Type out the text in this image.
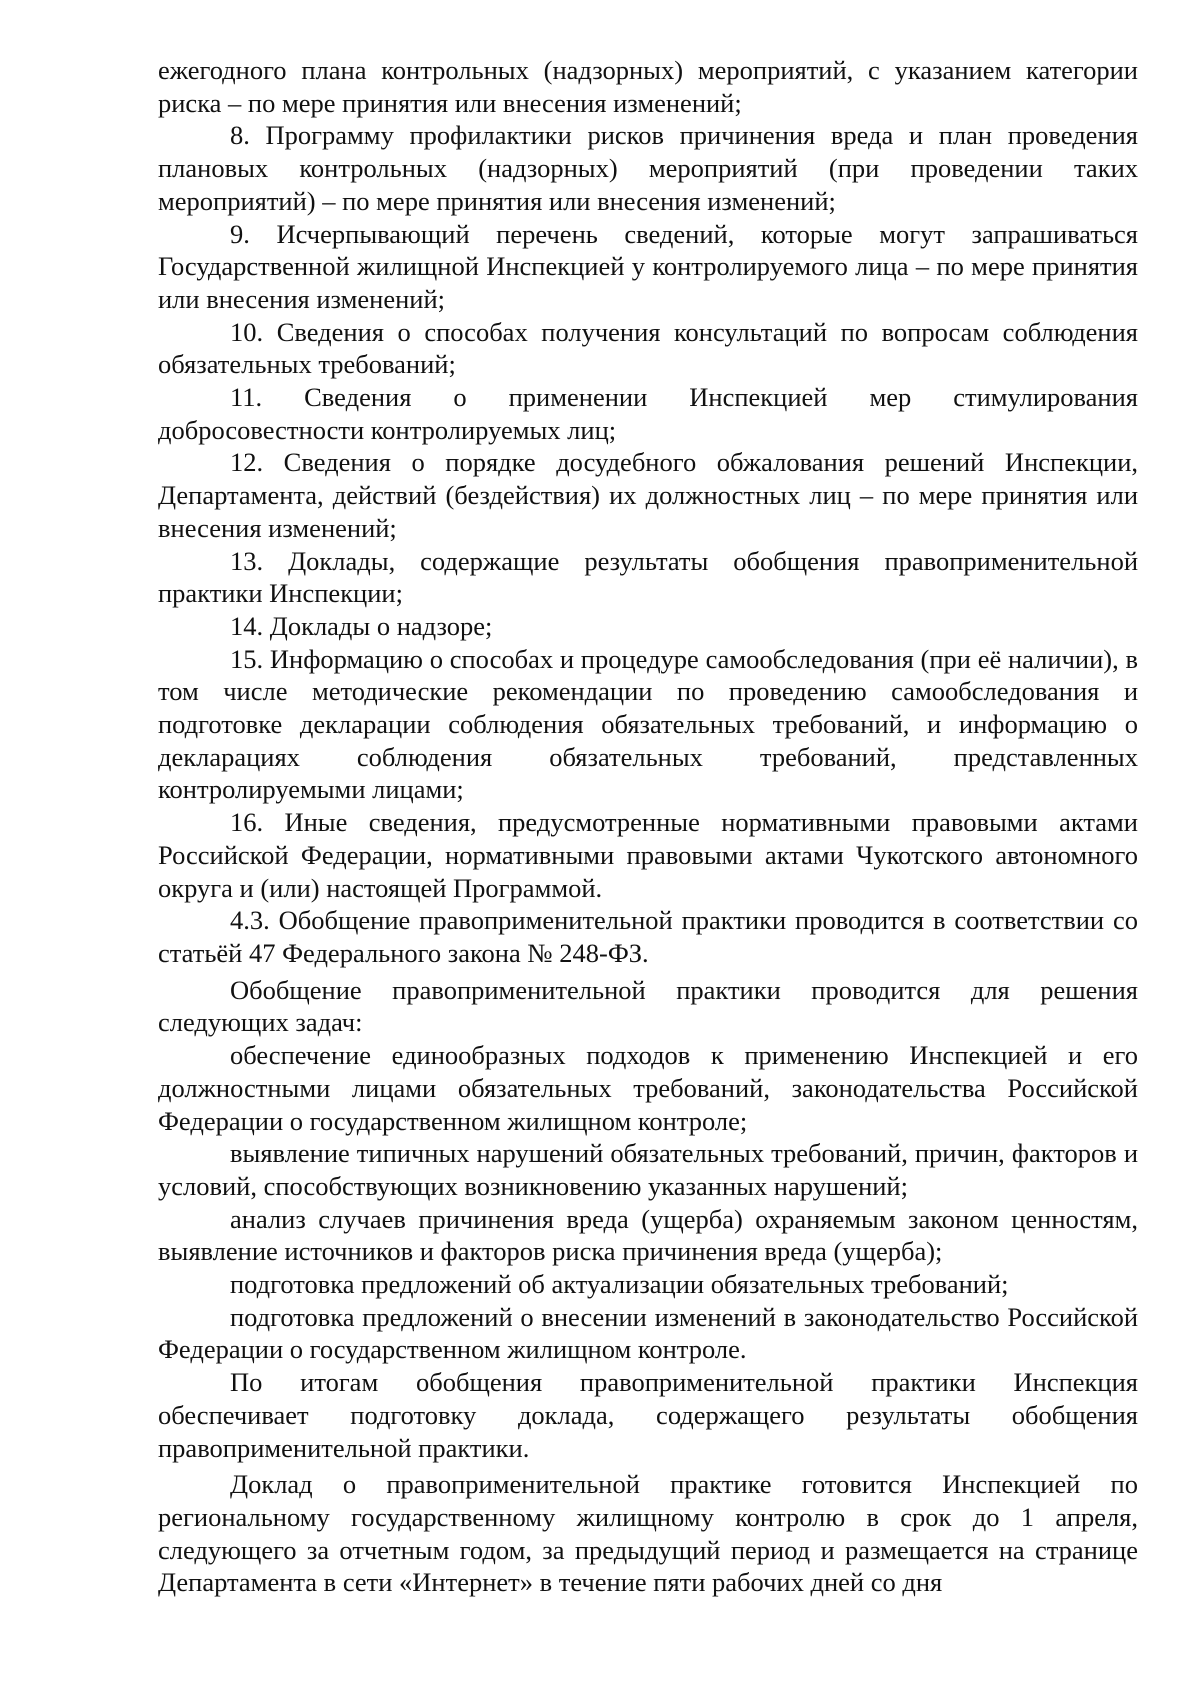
ежегодного плана контрольных (надзорных) мероприятий, с указанием категории риска – по мере принятия или внесения изменений;

8. Программу профилактики рисков причинения вреда и план проведения плановых контрольных (надзорных) мероприятий (при проведении таких мероприятий) – по мере принятия или внесения изменений;

9. Исчерпывающий перечень сведений, которые могут запрашиваться Государственной жилищной Инспекцией у контролируемого лица – по мере принятия или внесения изменений;

10. Сведения о способах получения консультаций по вопросам соблюдения обязательных требований;

11. Сведения о применении Инспекцией мер стимулирования добросовестности контролируемых лиц;

12. Сведения о порядке досудебного обжалования решений Инспекции, Департамента, действий (бездействия) их должностных лиц – по мере принятия или внесения изменений;

13. Доклады, содержащие результаты обобщения правоприменительной практики Инспекции;

14. Доклады о надзоре;

15. Информацию о способах и процедуре самообследования (при её наличии), в том числе методические рекомендации по проведению самообследования и подготовке декларации соблюдения обязательных требований, и информацию о декларациях соблюдения обязательных требований, представленных контролируемыми лицами;

16. Иные сведения, предусмотренные нормативными правовыми актами Российской Федерации, нормативными правовыми актами Чукотского автономного округа и (или) настоящей Программой.

4.3. Обобщение правоприменительной практики проводится в соответствии со статьёй 47 Федерального закона № 248-ФЗ.

Обобщение правоприменительной практики проводится для решения следующих задач:

обеспечение единообразных подходов к применению Инспекцией и его должностными лицами обязательных требований, законодательства Российской Федерации о государственном жилищном контроле;

выявление типичных нарушений обязательных требований, причин, факторов и условий, способствующих возникновению указанных нарушений;

анализ случаев причинения вреда (ущерба) охраняемым законом ценностям, выявление источников и факторов риска причинения вреда (ущерба);

подготовка предложений об актуализации обязательных требований;

подготовка предложений о внесении изменений в законодательство Российской Федерации о государственном жилищном контроле.

По итогам обобщения правоприменительной практики Инспекция обеспечивает подготовку доклада, содержащего результаты обобщения правоприменительной практики.

Доклад о правоприменительной практике готовится Инспекцией по региональному государственному жилищному контролю в срок до 1 апреля, следующего за отчетным годом, за предыдущий период и размещается на странице Департамента в сети «Интернет» в течение пяти рабочих дней со дня
